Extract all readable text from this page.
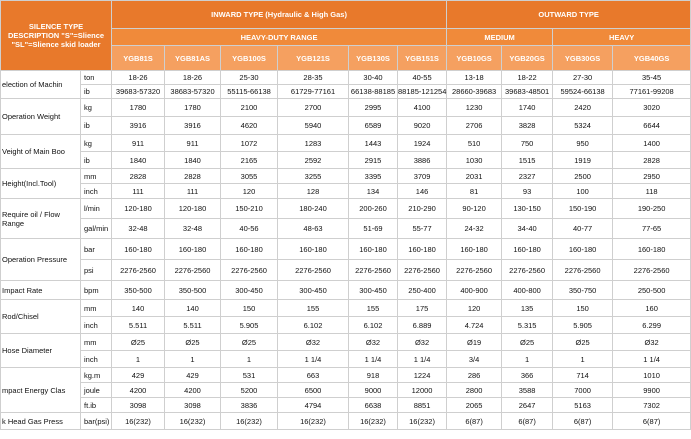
SILENCE TYPE
DESCRIPTION "S"=Slience
"SL"=Slience skid loader		INWARD TYPE (Hydraulic & High Gas)						OUTWARD TYPE			
		HEAVY-DUTY RANGE						MEDIUM		HEAVY	
		YGB81S	YGB81AS	YGB100S	YGB121S	YGB130S	YGB151S	YGB10GS	YGB20GS	YGB30GS	YGB40GS
election of Machin	ton	18-26	18-26	25-30	28-35	30-40	40-55	13-18	18-22	27-30	35-45
	ib	39683-57320	38683-57320	55115-66138	61729-77161	66138-88185	88185-121254	28660-39683	39683-48501	59524-66138	77161-99208
Operation Weight	kg	1780	1780	2100	2700	2995	4100	1230	1740	2420	3020
	ib	3916	3916	4620	5940	6589	9020	2706	3828	5324	6644
Veight of Main Boo	kg	911	911	1072	1283	1443	1924	510	750	950	1400
	ib	1840	1840	2165	2592	2915	3886	1030	1515	1919	2828
Height(Incl.Tool)	mm	2828	2828	3055	3255	3395	3709	2031	2327	2500	2950
	inch	111	111	120	128	134	146	81	93	100	118
Require oil / Flow Range	l/min	120-180	120-180	150-210	180-240	200-260	210-290	90-120	130-150	150-190	190-250
	gal/min	32-48	32-48	40-56	48-63	51-69	55-77	24-32	34-40	40-77	77-65
Operation Pressure	bar	160-180	160-180	160-180	160-180	160-180	160-180	160-180	160-180	160-180	160-180
	psi	2276-2560	2276-2560	2276-2560	2276-2560	2276-2560	2276-2560	2276-2560	2276-2560	2276-2560	2276-2560
Impact Rate	bpm	350-500	350-500	300-450	300-450	300-450	250-400	400-900	400-800	350-750	250-500
Rod/Chisel	mm	140	140	150	155	155	175	120	135	150	160
	inch	5.511	5.511	5.905	6.102	6.102	6.889	4.724	5.315	5.905	6.299
Hose Diameter	mm	Ø25	Ø25	Ø25	Ø32	Ø32	Ø32	Ø19	Ø25	Ø25	Ø32
	inch	1	1	1	1 1/4	1 1/4	1 1/4	3/4	1	1	1 1/4
mpact Energy Clas	kg.m	429	429	531	663	918	1224	286	366	714	1010
	joule	4200	4200	5200	6500	9000	12000	2800	3588	7000	9900
	ft.ib	3098	3098	3836	4794	6638	8851	2065	2647	5163	7302
k Head Gas Press	bar(psi)	16(232)	16(232)	16(232)	16(232)	16(232)	16(232)	6(87)	6(87)	6(87)	6(87)
